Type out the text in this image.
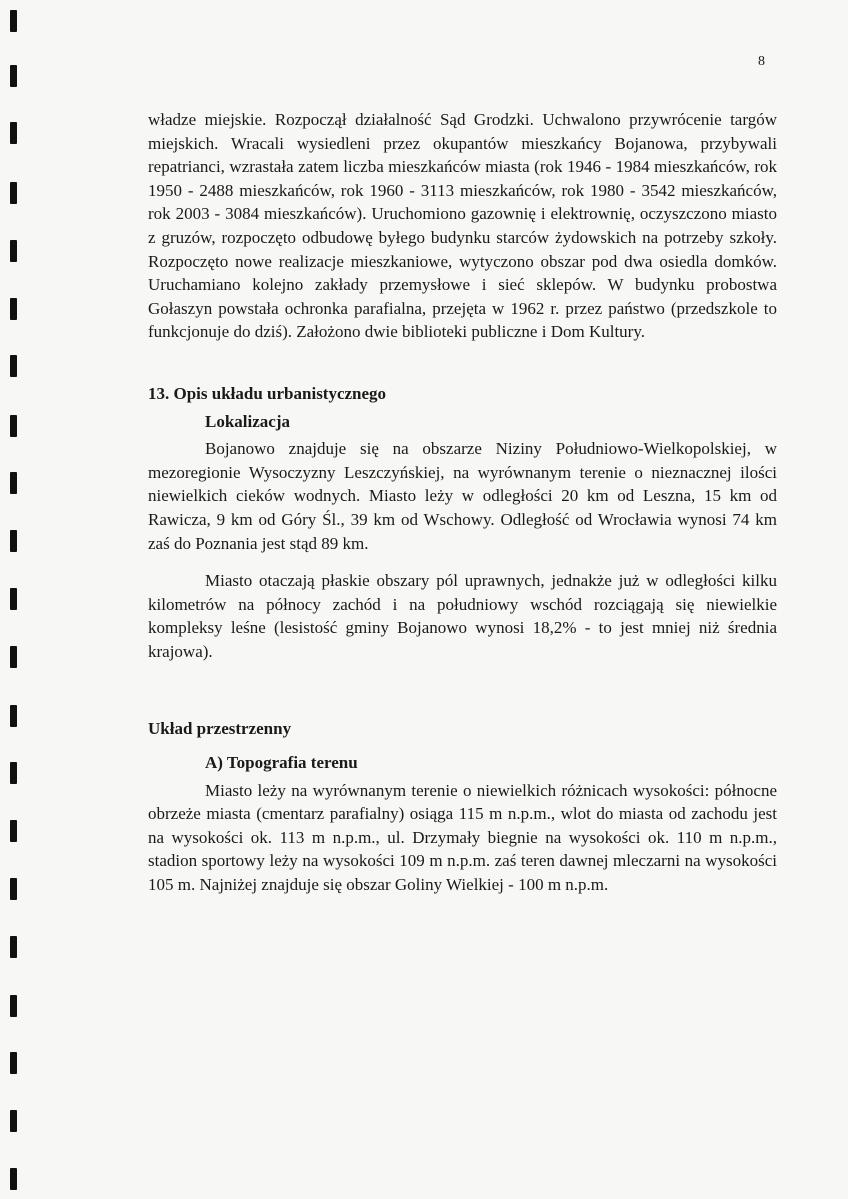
8

władze miejskie. Rozpoczął działalność Sąd Grodzki. Uchwalono przywrócenie targów miejskich. Wracali wysiedleni przez okupantów mieszkańcy Bojanowa, przybywali repatrianci, wzrastała zatem liczba mieszkańców miasta (rok 1946 - 1984 mieszkańców, rok 1950 - 2488 mieszkańców, rok 1960 - 3113 mieszkańców, rok 1980 - 3542 mieszkańców, rok 2003 - 3084 mieszkańców). Uruchomiono gazownię i elektrownię, oczyszczono miasto z gruzów, rozpoczęto odbudowę byłego budynku starców żydowskich na potrzeby szkoły. Rozpoczęto nowe realizacje mieszkaniowe, wytyczono obszar pod dwa osiedla domków. Uruchamiano kolejno zakłady przemysłowe i sieć sklepów. W budynku probostwa Gołaszyn powstała ochronka parafialna, przejęta w 1962 r. przez państwo (przedszkole to funkcjonuje do dziś). Założono dwie biblioteki publiczne i Dom Kultury.

13. Opis układu urbanistycznego

Lokalizacja

Bojanowo znajduje się na obszarze Niziny Południowo-Wielkopolskiej, w mezoregionie Wysoczyzny Leszczyńskiej, na wyrównanym terenie o nieznacznej ilości niewielkich cieków wodnych. Miasto leży w odległości 20 km od Leszna, 15 km od Rawicza, 9 km od Góry Śl., 39 km od Wschowy. Odległość od Wrocławia wynosi 74 km zaś do Poznania jest stąd 89 km.

Miasto otaczają płaskie obszary pól uprawnych, jednakże już w odległości kilku kilometrów na północy zachód i na południowy wschód rozciągają się niewielkie kompleksy leśne (lesistość gminy Bojanowo wynosi 18,2% - to jest mniej niż średnia krajowa).

Układ przestrzenny

A) Topografia terenu

Miasto leży na wyrównanym terenie o niewielkich różnicach wysokości: północne obrzeże miasta (cmentarz parafialny) osiąga 115 m n.p.m., wlot do miasta od zachodu jest na wysokości ok. 113 m n.p.m., ul. Drzymały biegnie na wysokości ok. 110 m n.p.m., stadion sportowy leży na wysokości 109 m n.p.m. zaś teren dawnej mleczarni na wysokości 105 m. Najniżej znajduje się obszar Goliny Wielkiej - 100 m n.p.m.
